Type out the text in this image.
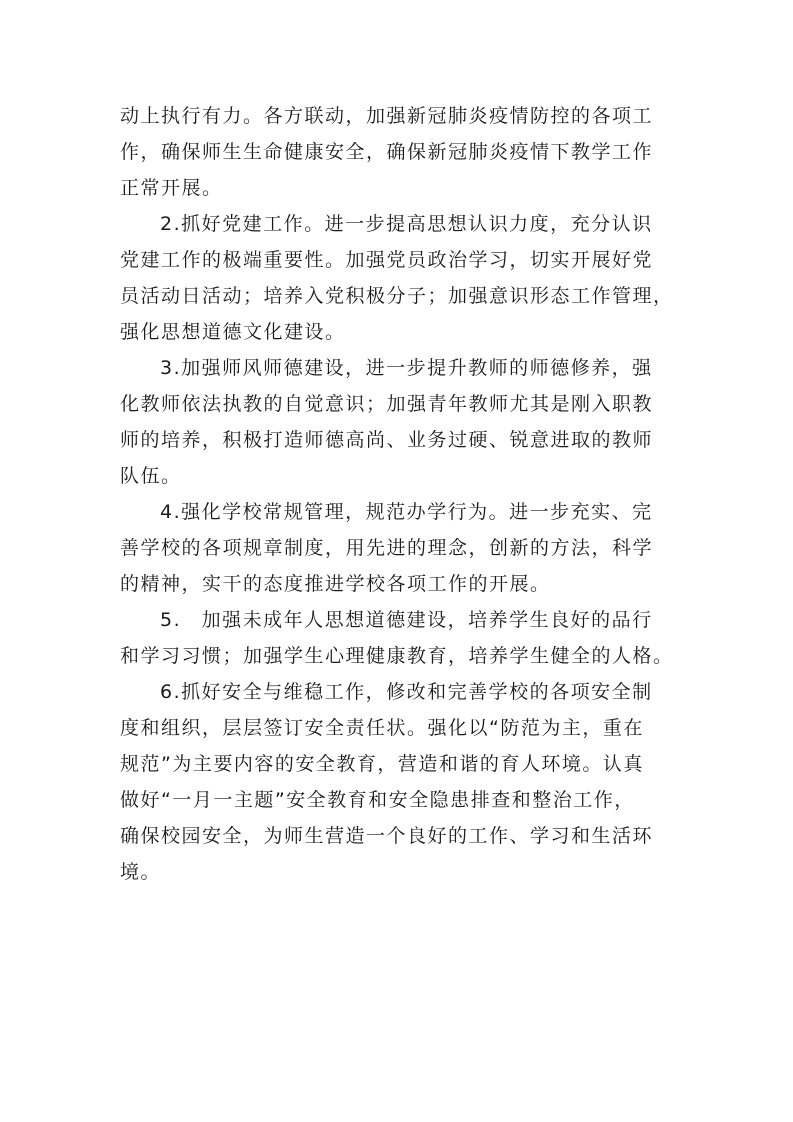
动上执行有力。各方联动，加强新冠肺炎疫情防控的各项工
作，确保师生生命健康安全，确保新冠肺炎疫情下教学工作
正常开展。

2.抓好党建工作。进一步提高思想认识力度，充分认识
党建工作的极端重要性。加强党员政治学习，切实开展好党
员活动日活动；培养入党积极分子；加强意识形态工作管理，
强化思想道德文化建设。

3.加强师风师德建设，进一步提升教师的师德修养，强
化教师依法执教的自觉意识；加强青年教师尤其是刚入职教
师的培养，积极打造师德高尚、业务过硬、锐意进取的教师
队伍。

4.强化学校常规管理，规范办学行为。进一步充实、完
善学校的各项规章制度，用先进的理念，创新的方法，科学
的精神，实干的态度推进学校各项工作的开展。

5.　加强未成年人思想道德建设，培养学生良好的品行
和学习习惯；加强学生心理健康教育，培养学生健全的人格。

6.抓好安全与维稳工作，修改和完善学校的各项安全制
度和组织，层层签订安全责任状。强化以“防范为主，重在
规范”为主要内容的安全教育，营造和谐的育人环境。认真
做好“一月一主题”安全教育和安全隐患排查和整治工作，
确保校园安全，为师生营造一个良好的工作、学习和生活环
境。
